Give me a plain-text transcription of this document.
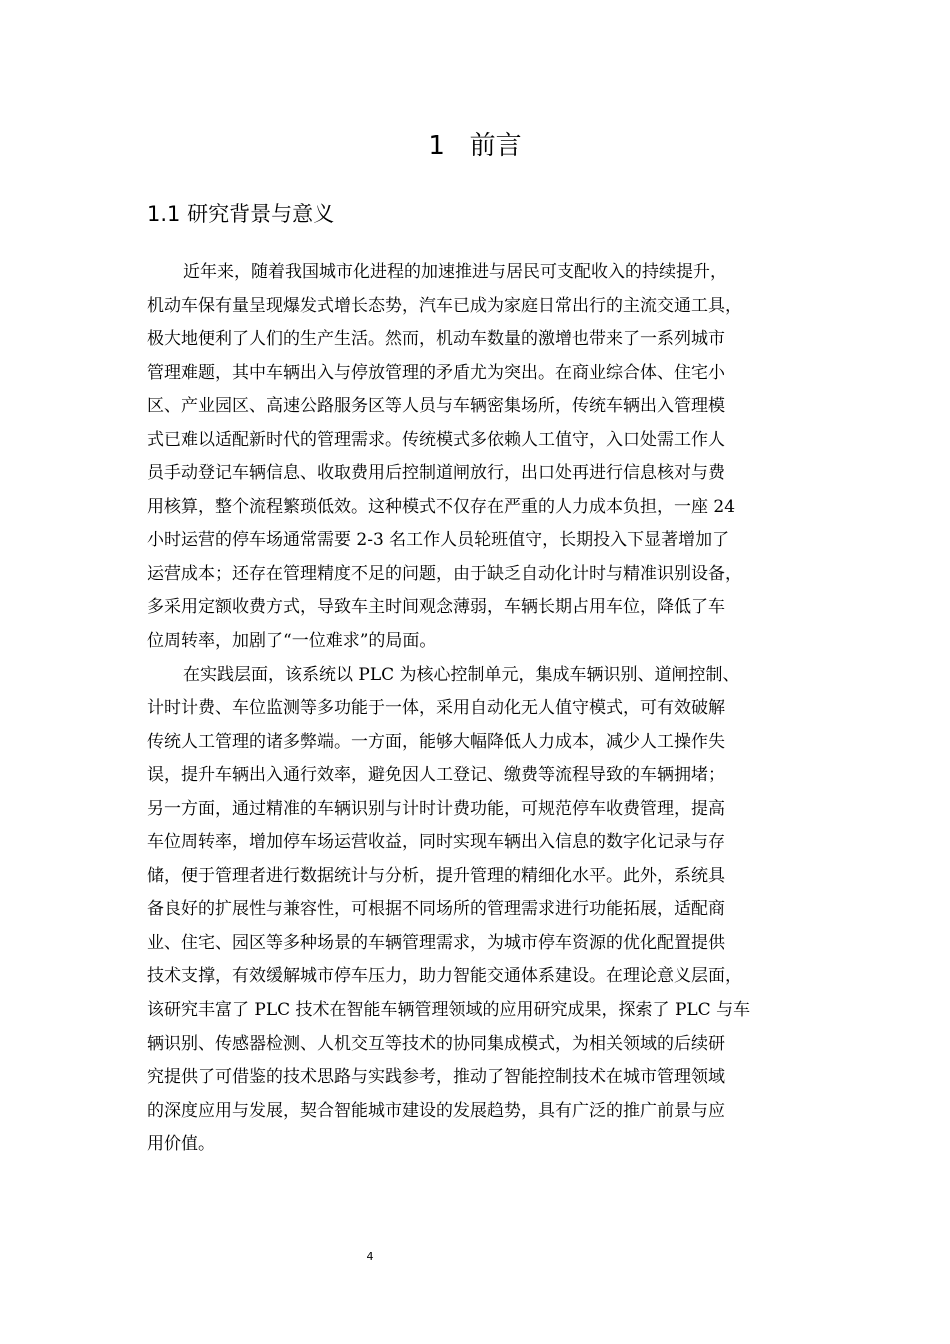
1   前言
1.1 研究背景与意义
近年来，随着我国城市化进程的加速推进与居民可支配收入的持续提升，
机动车保有量呈现爆发式增长态势，汽车已成为家庭日常出行的主流交通工具，
极大地便利了人们的生产生活。然而，机动车数量的激增也带来了一系列城市
管理难题，其中车辆出入与停放管理的矛盾尤为突出。在商业综合体、住宅小
区、产业园区、高速公路服务区等人员与车辆密集场所，传统车辆出入管理模
式已难以适配新时代的管理需求。传统模式多依赖人工值守，入口处需工作人
员手动登记车辆信息、收取费用后控制道闸放行，出口处再进行信息核对与费
用核算，整个流程繁琐低效。这种模式不仅存在严重的人力成本负担，一座 24
小时运营的停车场通常需要 2-3 名工作人员轮班值守，长期投入下显著增加了
运营成本；还存在管理精度不足的问题，由于缺乏自动化计时与精准识别设备，
多采用定额收费方式，导致车主时间观念薄弱，车辆长期占用车位，降低了车
位周转率，加剧了“一位难求”的局面。
在实践层面，该系统以 PLC 为核心控制单元，集成车辆识别、道闸控制、
计时计费、车位监测等多功能于一体，采用自动化无人值守模式，可有效破解
传统人工管理的诸多弊端。一方面，能够大幅降低人力成本，减少人工操作失
误，提升车辆出入通行效率，避免因人工登记、缴费等流程导致的车辆拥堵；
另一方面，通过精准的车辆识别与计时计费功能，可规范停车收费管理，提高
车位周转率，增加停车场运营收益，同时实现车辆出入信息的数字化记录与存
储，便于管理者进行数据统计与分析，提升管理的精细化水平。此外，系统具
备良好的扩展性与兼容性，可根据不同场所的管理需求进行功能拓展，适配商
业、住宅、园区等多种场景的车辆管理需求，为城市停车资源的优化配置提供
技术支撑，有效缓解城市停车压力，助力智能交通体系建设。在理论意义层面，
该研究丰富了 PLC 技术在智能车辆管理领域的应用研究成果，探索了 PLC 与车
辆识别、传感器检测、人机交互等技术的协同集成模式，为相关领域的后续研
究提供了可借鉴的技术思路与实践参考，推动了智能控制技术在城市管理领域
的深度应用与发展，契合智能城市建设的发展趋势，具有广泛的推广前景与应
用价值。
4
